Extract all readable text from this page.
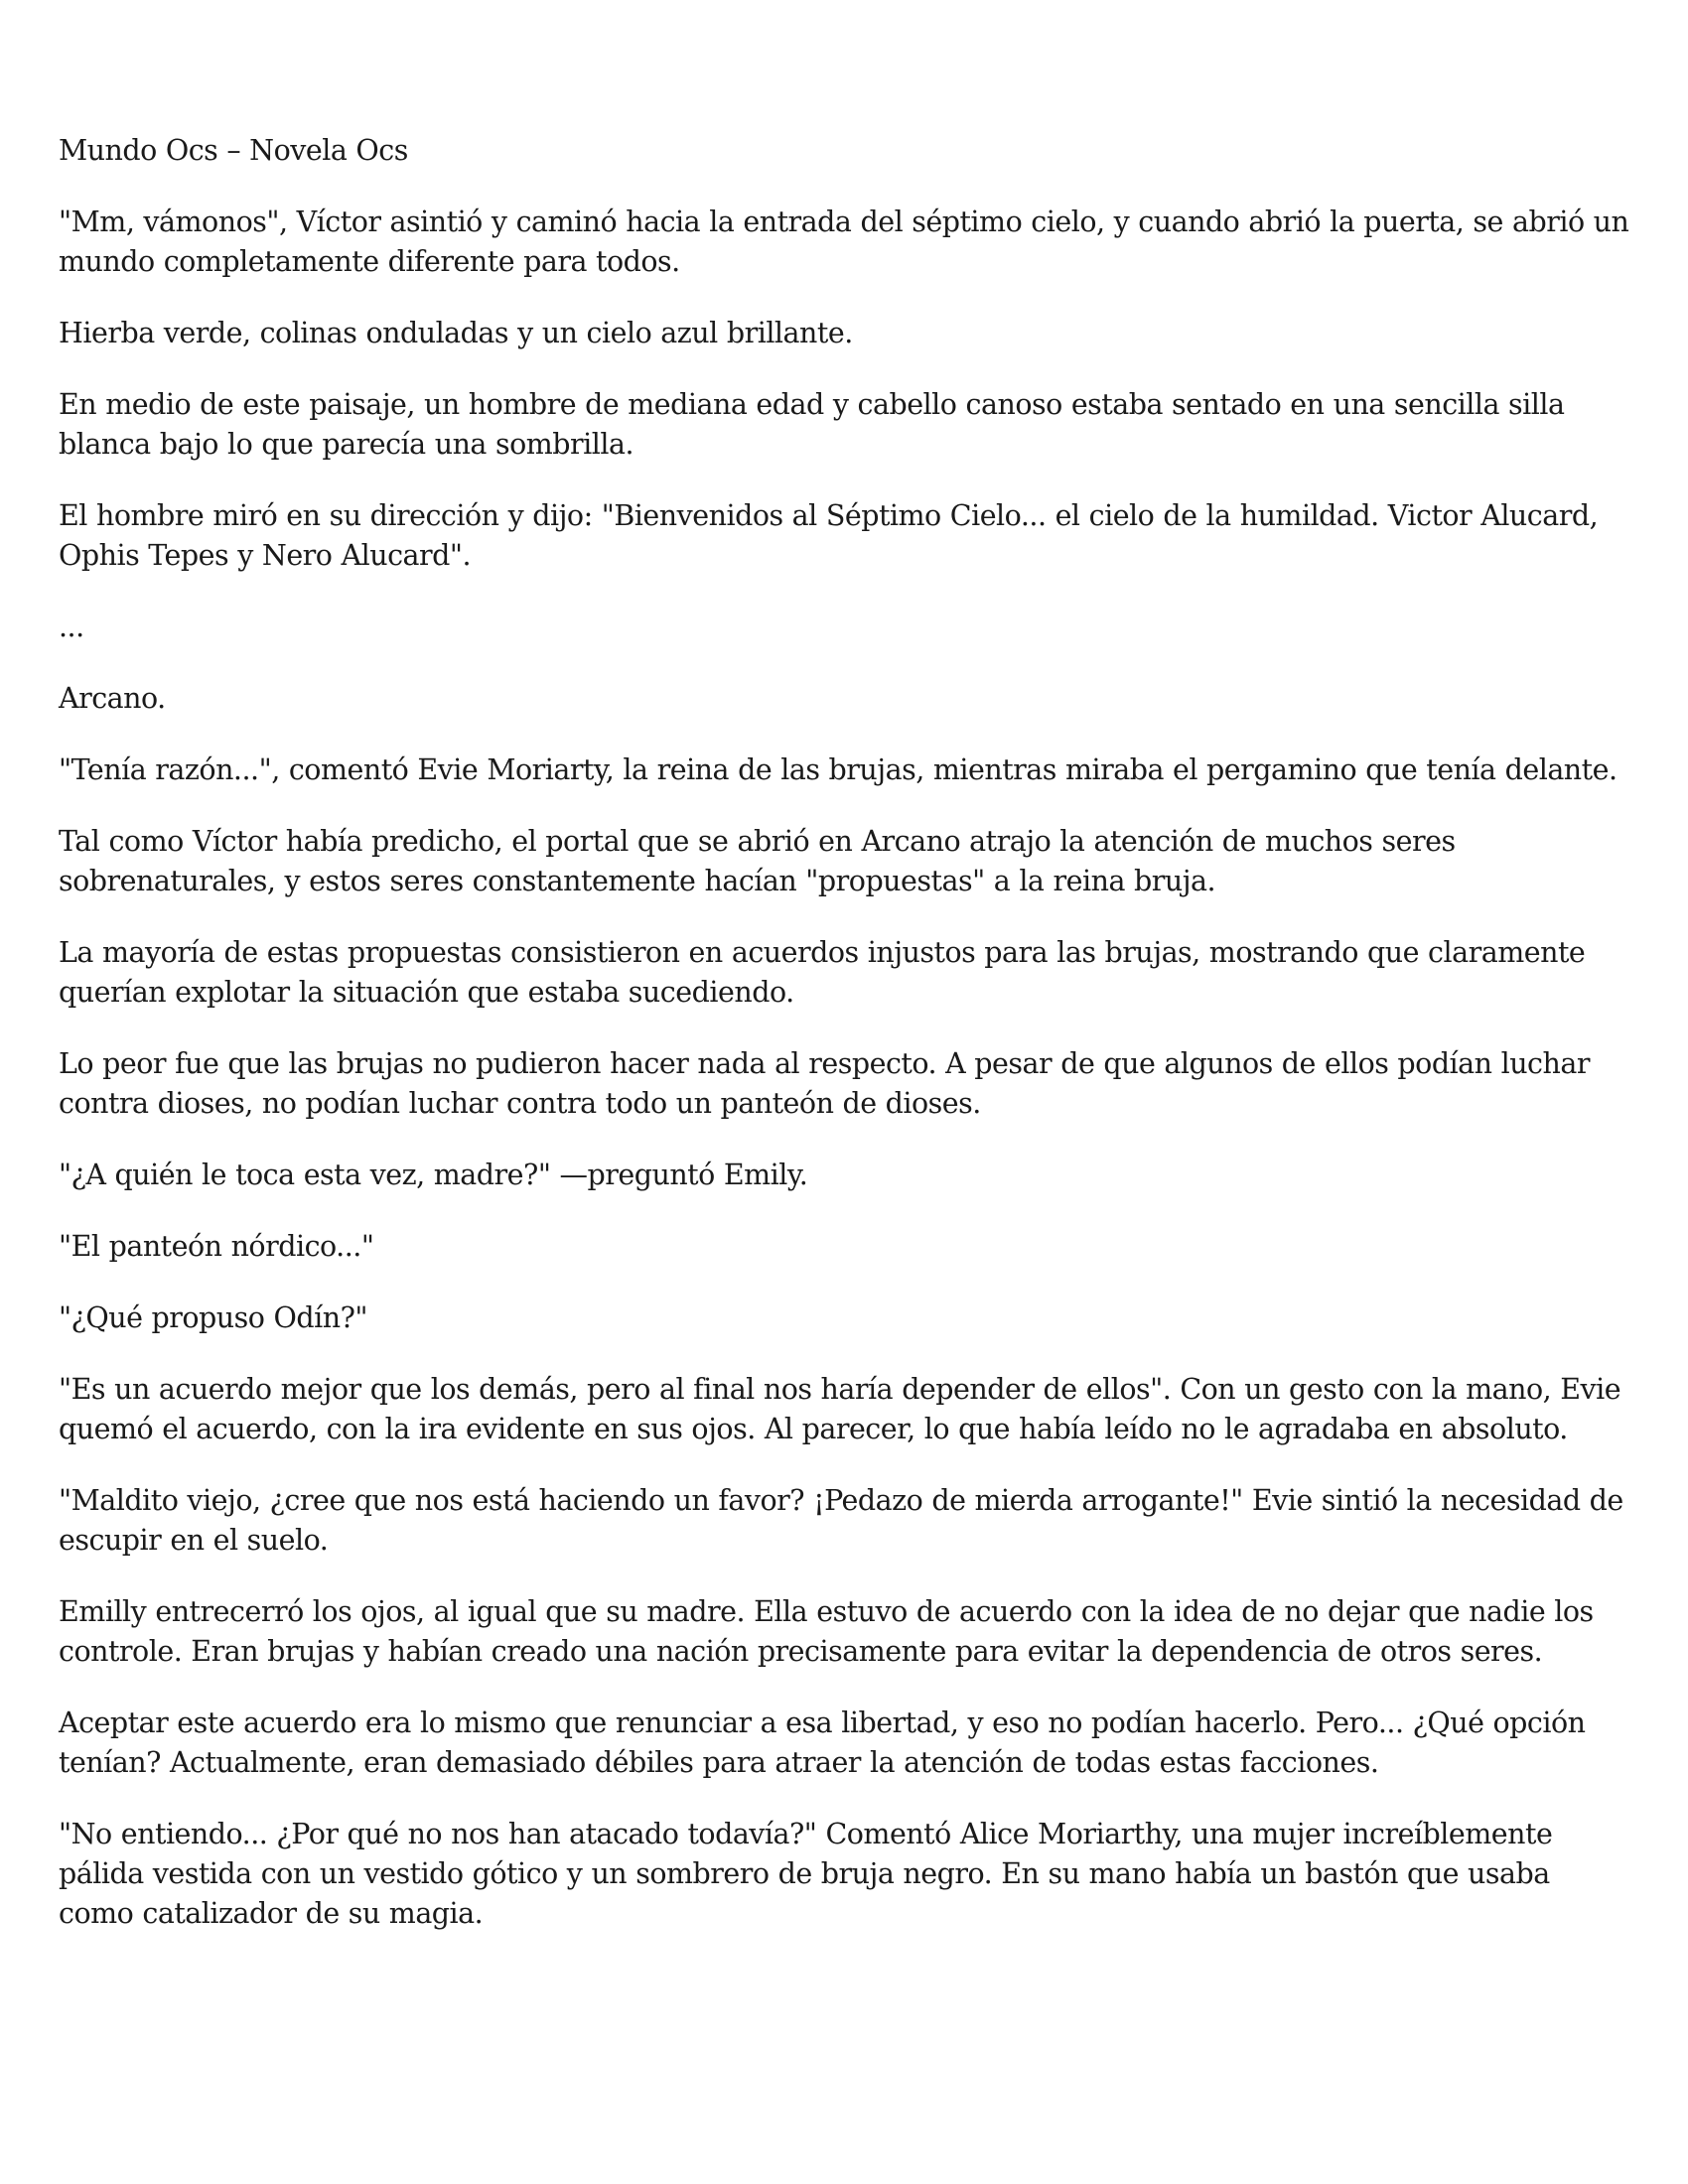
Mundo Ocs – Novela Ocs

"Mm, vámonos", Víctor asintió y caminó hacia la entrada del séptimo cielo, y cuando abrió la puerta, se abrió un mundo completamente diferente para todos.

Hierba verde, colinas onduladas y un cielo azul brillante.

En medio de este paisaje, un hombre de mediana edad y cabello canoso estaba sentado en una sencilla silla blanca bajo lo que parecía una sombrilla.

El hombre miró en su dirección y dijo: "Bienvenidos al Séptimo Cielo... el cielo de la humildad. Victor Alucard, Ophis Tepes y Nero Alucard".

...

Arcano.

"Tenía razón...", comentó Evie Moriarty, la reina de las brujas, mientras miraba el pergamino que tenía delante.

Tal como Víctor había predicho, el portal que se abrió en Arcano atrajo la atención de muchos seres sobrenaturales, y estos seres constantemente hacían "propuestas" a la reina bruja.

La mayoría de estas propuestas consistieron en acuerdos injustos para las brujas, mostrando que claramente querían explotar la situación que estaba sucediendo.

Lo peor fue que las brujas no pudieron hacer nada al respecto. A pesar de que algunos de ellos podían luchar contra dioses, no podían luchar contra todo un panteón de dioses.

"¿A quién le toca esta vez, madre?" —preguntó Emily.

"El panteón nórdico..."

"¿Qué propuso Odín?"

"Es un acuerdo mejor que los demás, pero al final nos haría depender de ellos". Con un gesto con la mano, Evie quemó el acuerdo, con la ira evidente en sus ojos. Al parecer, lo que había leído no le agradaba en absoluto.

"Maldito viejo, ¿cree que nos está haciendo un favor? ¡Pedazo de mierda arrogante!" Evie sintió la necesidad de escupir en el suelo.

Emilly entrecerró los ojos, al igual que su madre. Ella estuvo de acuerdo con la idea de no dejar que nadie los controle. Eran brujas y habían creado una nación precisamente para evitar la dependencia de otros seres.

Aceptar este acuerdo era lo mismo que renunciar a esa libertad, y eso no podían hacerlo. Pero... ¿Qué opción tenían? Actualmente, eran demasiado débiles para atraer la atención de todas estas facciones.

"No entiendo... ¿Por qué no nos han atacado todavía?" Comentó Alice Moriarthy, una mujer increíblemente pálida vestida con un vestido gótico y un sombrero de bruja negro. En su mano había un bastón que usaba como catalizador de su magia.
